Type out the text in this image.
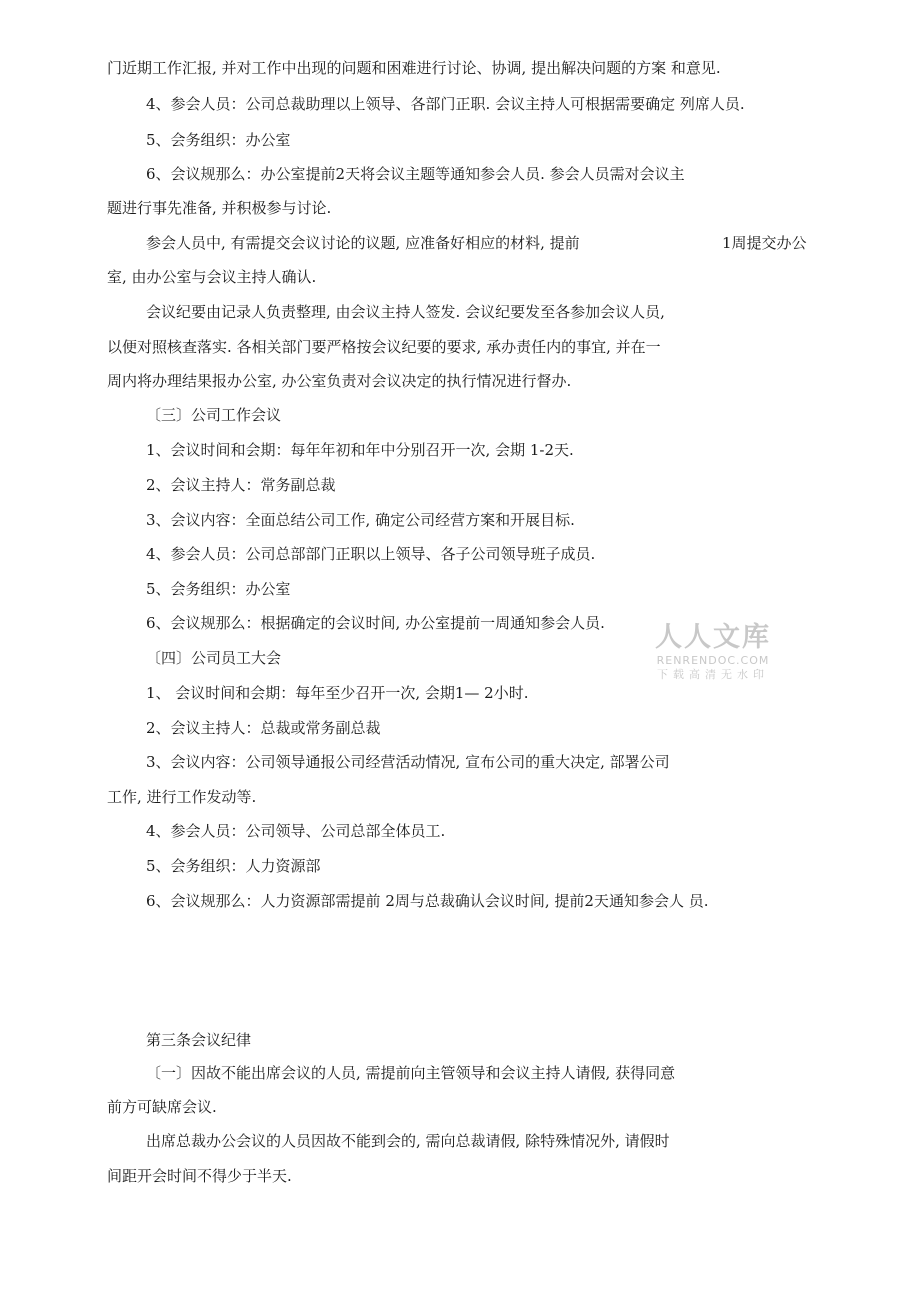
门近期工作汇报, 并对工作中出现的问题和困难进行讨论、协调, 提出解决问题的方案 和意见.
4、参会人员：公司总裁助理以上领导、各部门正职. 会议主持人可根据需要确定 列席人员.
5、会务组织：办公室
6、会议规那么：办公室提前2天将会议主题等通知参会人员. 参会人员需对会议主
题进行事先准备, 并积极参与讨论.
参会人员中, 有需提交会议讨论的议题, 应准备好相应的材料, 提前	1周提交办公
室, 由办公室与会议主持人确认.
会议纪要由记录人负责整理, 由会议主持人签发. 会议纪要发至各参加会议人员,
以便对照核查落实. 各相关部门要严格按会议纪要的要求, 承办责任内的事宜, 并在一
周内将办理结果报办公室, 办公室负责对会议决定的执行情况进行督办.
〔三〕公司工作会议
1、会议时间和会期：每年年初和年中分别召开一次, 会期 1-2天.
2、会议主持人：常务副总裁
3、会议内容：全面总结公司工作, 确定公司经营方案和开展目标.
4、参会人员：公司总部部门正职以上领导、各子公司领导班子成员.
5、会务组织：办公室
6、会议规那么：根据确定的会议时间, 办公室提前一周通知参会人员.
〔四〕公司员工大会
1、 会议时间和会期：每年至少召开一次, 会期1— 2小时.
2、会议主持人：总裁或常务副总裁
3、会议内容：公司领导通报公司经营活动情况, 宣布公司的重大决定, 部署公司
工作, 进行工作发动等.
4、参会人员：公司领导、公司总部全体员工.
5、会务组织：人力资源部
6、会议规那么：人力资源部需提前 2周与总裁确认会议时间, 提前2天通知参会人 员.
第三条会议纪律
〔一〕因故不能出席会议的人员, 需提前向主管领导和会议主持人请假, 获得同意
前方可缺席会议.
出席总裁办公会议的人员因故不能到会的, 需向总裁请假, 除特殊情况外, 请假时
间距开会时间不得少于半天.
人人文库
RENRENDOC.COM
下载高清无水印
